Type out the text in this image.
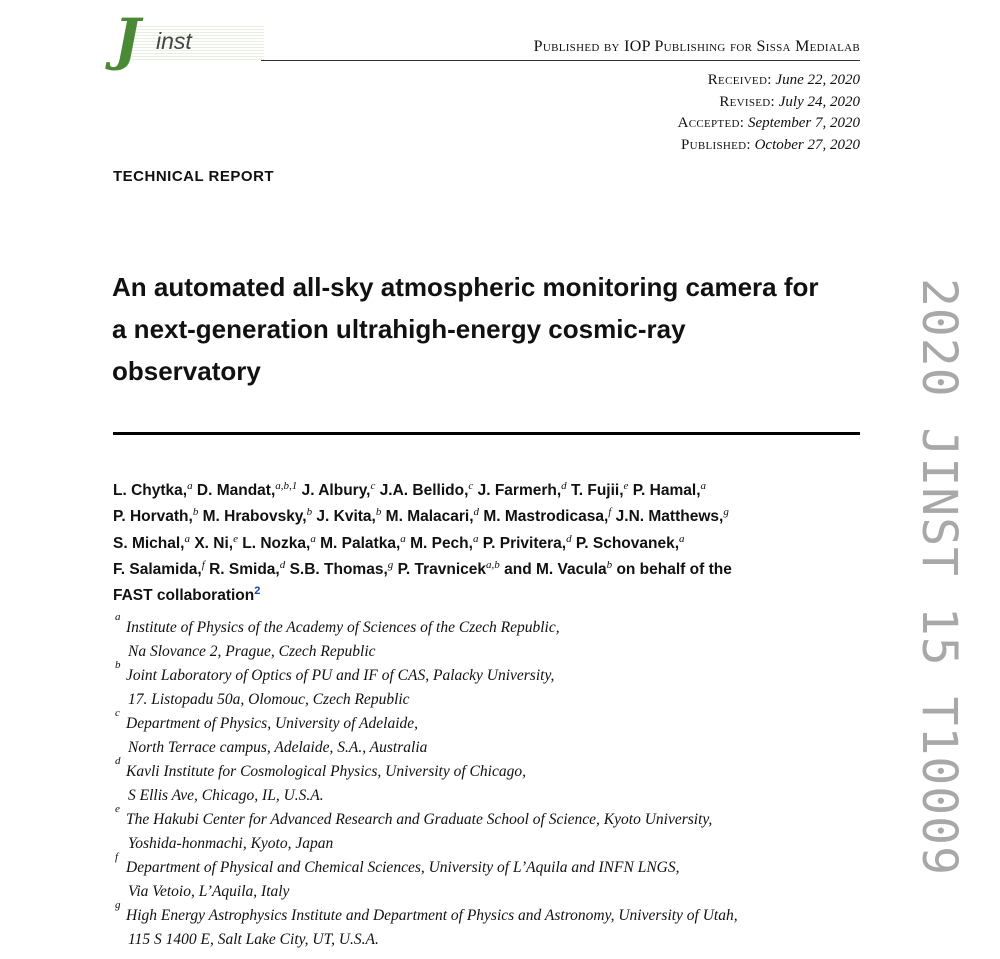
J inst	Published by IOP Publishing for Sissa Medialab
Received: June 22, 2020
Revised: July 24, 2020
Accepted: September 7, 2020
Published: October 27, 2020
TECHNICAL REPORT
An automated all-sky atmospheric monitoring camera for
a next-generation ultrahigh-energy cosmic-ray
observatory
L. Chytka,$^a$ D. Mandat,$^{a,b,1}$ J. Albury,$^c$ J.A. Bellido,$^c$ J. Farmerh,$^d$ T. Fujii,$^e$ P. Hamal,$^a$
P. Horvath,$^b$ M. Hrabovsky,$^b$ J. Kvita,$^b$ M. Malacari,$^d$ M. Mastrodicasa,$^f$ J.N. Matthews,$^g$
S. Michal,$^a$ X. Ni,$^e$ L. Nozka,$^a$ M. Palatka,$^a$ M. Pech,$^a$ P. Privitera,$^d$ P. Schovanek,$^a$
F. Salamida,$^f$ R. Smida,$^d$ S.B. Thomas,$^g$ P. Travnicek$^{a,b}$ and M. Vacula$^b$ on behalf of the
FAST collaboration$^2$
a
Institute of Physics of the Academy of Sciences of the Czech Republic,
Na Slovance 2, Prague, Czech Republic
b
Joint Laboratory of Optics of PU and IF of CAS, Palacky University,
17. Listopadu 50a, Olomouc, Czech Republic
c
Department of Physics, University of Adelaide,
North Terrace campus, Adelaide, S.A., Australia
d
Kavli Institute for Cosmological Physics, University of Chicago,
S Ellis Ave, Chicago, IL, U.S.A.
e
The Hakubi Center for Advanced Research and Graduate School of Science, Kyoto University,
Yoshida-honmachi, Kyoto, Japan
f
Department of Physical and Chemical Sciences, University of L’Aquila and INFN LNGS,
Via Vetoio, L’Aquila, Italy
g
High Energy Astrophysics Institute and Department of Physics and Astronomy, University of Utah,
115 S 1400 E, Salt Lake City, UT, U.S.A.
2020 JINST 15 T10009
